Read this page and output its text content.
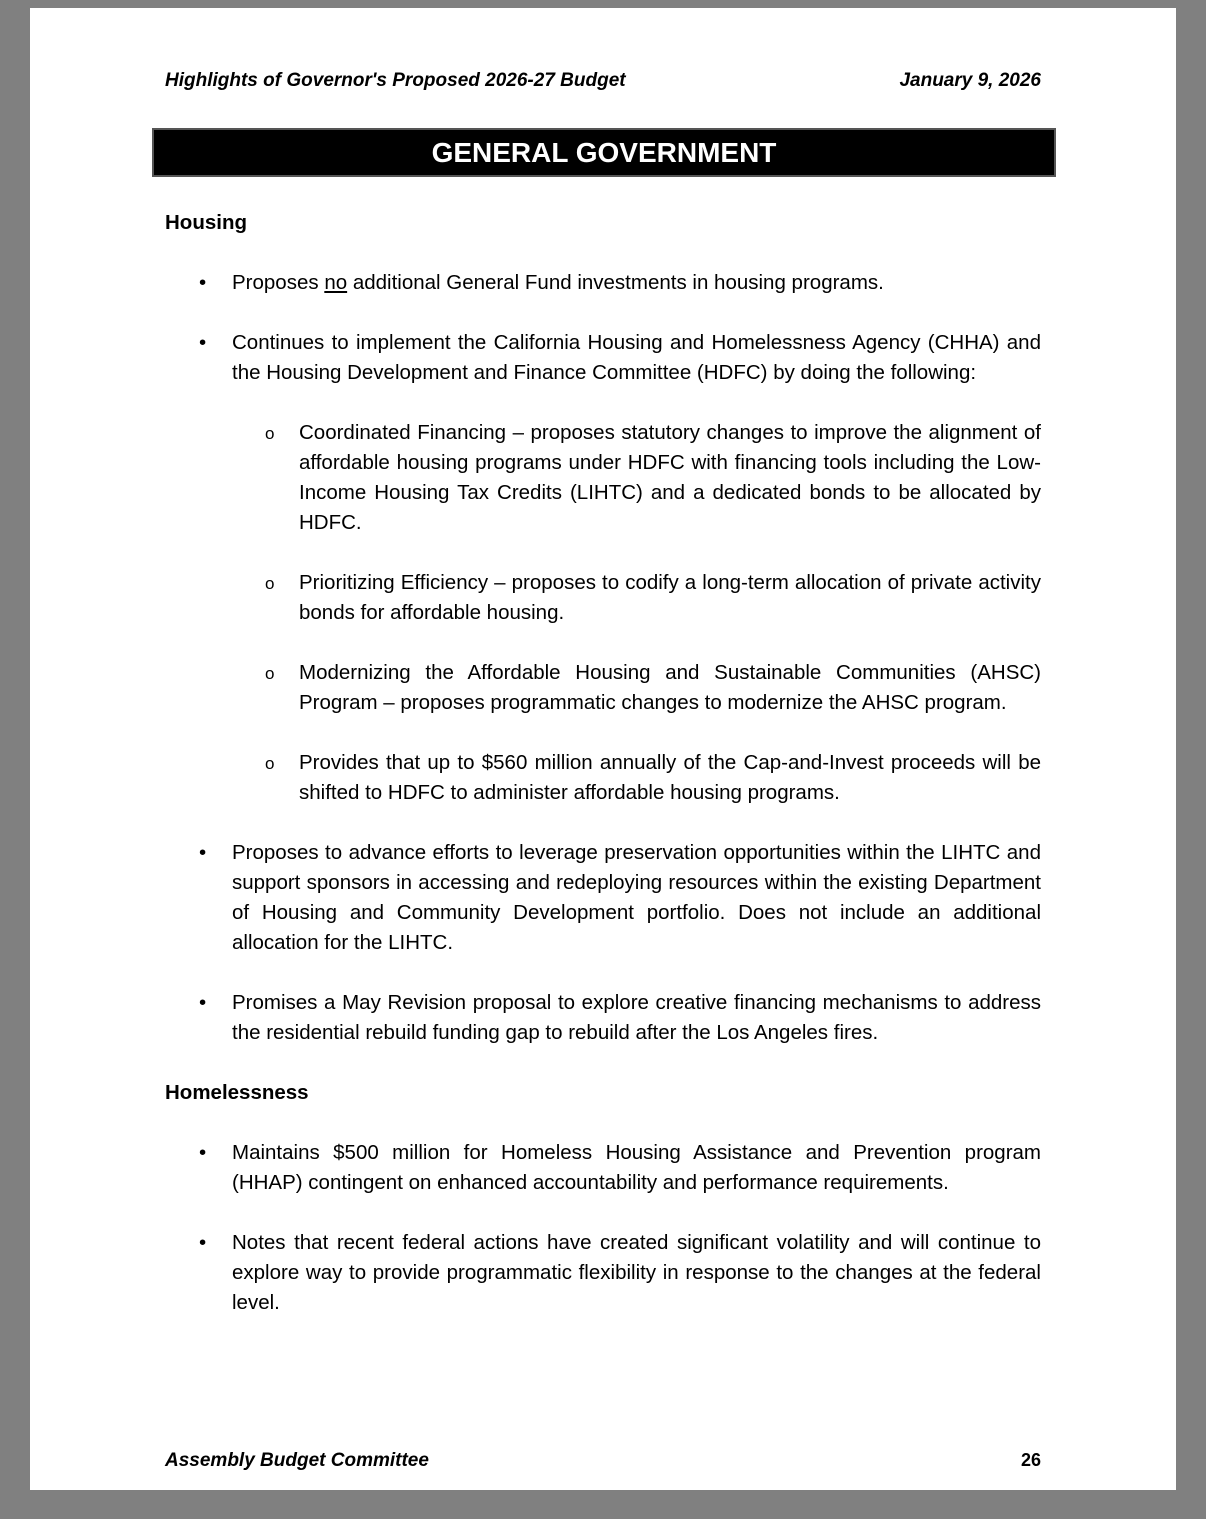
Highlights of Governor's Proposed 2026-27 Budget	January 9, 2026
GENERAL GOVERNMENT
Housing
• Proposes no additional General Fund investments in housing programs.
• Continues to implement the California Housing and Homelessness Agency (CHHA) and the Housing Development and Finance Committee (HDFC) by doing the following:
o Coordinated Financing – proposes statutory changes to improve the alignment of affordable housing programs under HDFC with financing tools including the Low-Income Housing Tax Credits (LIHTC) and a dedicated bonds to be allocated by HDFC.
o Prioritizing Efficiency – proposes to codify a long-term allocation of private activity bonds for affordable housing.
o Modernizing the Affordable Housing and Sustainable Communities (AHSC) Program – proposes programmatic changes to modernize the AHSC program.
o Provides that up to $560 million annually of the Cap-and-Invest proceeds will be shifted to HDFC to administer affordable housing programs.
• Proposes to advance efforts to leverage preservation opportunities within the LIHTC and support sponsors in accessing and redeploying resources within the existing Department of Housing and Community Development portfolio. Does not include an additional allocation for the LIHTC.
• Promises a May Revision proposal to explore creative financing mechanisms to address the residential rebuild funding gap to rebuild after the Los Angeles fires.
Homelessness
• Maintains $500 million for Homeless Housing Assistance and Prevention program (HHAP) contingent on enhanced accountability and performance requirements.
• Notes that recent federal actions have created significant volatility and will continue to explore way to provide programmatic flexibility in response to the changes at the federal level.
Assembly Budget Committee	26
